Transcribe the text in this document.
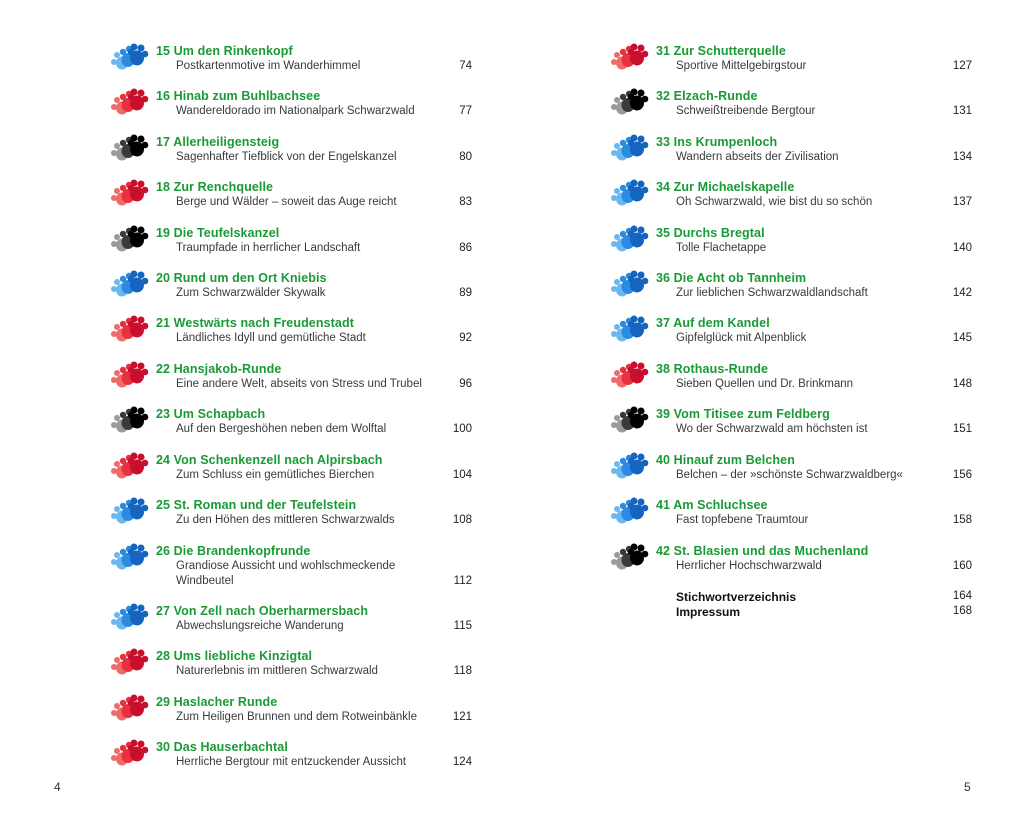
15 Um den Rinkenkopf
Postkartenmotive im Wanderhimmel	74
16 Hinab zum Buhlbachsee
Wandereldorado im Nationalpark Schwarzwald	77
17 Allerheiligensteig
Sagenhafter Tiefblick von der Engelskanzel	80
18 Zur Renchquelle
Berge und Wälder – soweit das Auge reicht	83
19 Die Teufelskanzel
Traumpfade in herrlicher Landschaft	86
20 Rund um den Ort Kniebis
Zum Schwarzwälder Skywalk	89
21 Westwärts nach Freudenstadt
Ländliches Idyll und gemütliche Stadt	92
22 Hansjakob-Runde
Eine andere Welt, abseits von Stress und Trubel	96
23 Um Schapbach
Auf den Bergeshöhen neben dem Wolftal	100
24 Von Schenkenzell nach Alpirsbach
Zum Schluss ein gemütliches Bierchen	104
25 St. Roman und der Teufelstein
Zu den Höhen des mittleren Schwarzwalds	108
26 Die Brandenkopfrunde
Grandiose Aussicht und wohlschmeckende
Windbeutel	112
27 Von Zell nach Oberharmersbach
Abwechslungsreiche Wanderung	115
28 Ums liebliche Kinzigtal
Naturerlebnis im mittleren Schwarzwald	118
29 Haslacher Runde
Zum Heiligen Brunnen und dem Rotweinbänkle	121
30 Das Hauserbachtal
Herrliche Bergtour mit entzuckender Aussicht	124
31 Zur Schutterquelle
Sportive Mittelgebirgstour	127
32 Elzach-Runde
Schweißtreibende Bergtour	131
33 Ins Krumpenloch
Wandern abseits der Zivilisation	134
34 Zur Michaelskapelle
Oh Schwarzwald, wie bist du so schön	137
35 Durchs Bregtal
Tolle Flachetappe	140
36 Die Acht ob Tannheim
Zur lieblichen Schwarzwaldlandschaft	142
37 Auf dem Kandel
Gipfelglück mit Alpenblick	145
38 Rothaus-Runde
Sieben Quellen und Dr. Brinkmann	148
39 Vom Titisee zum Feldberg
Wo der Schwarzwald am höchsten ist	151
40 Hinauf zum Belchen
Belchen – der »schönste Schwarzwaldberg«	156
41 Am Schluchsee
Fast topfebene Traumtour	158
42 St. Blasien und das Muchenland
Herrlicher Hochschwarzwald	160
Stichwortverzeichnis	164
Impressum	168
4	5
